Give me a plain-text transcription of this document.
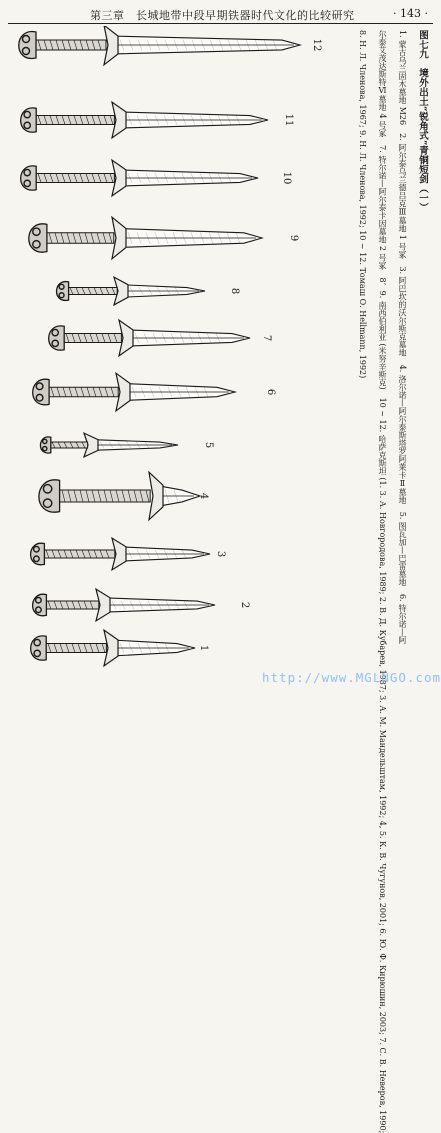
第三章　长城地带中段早期铁器时代文化的比较研究	· 143 ·
12
11
10
9
8
7
6
5
4
3
2
1
图七九　境外出土“锐角式”青铜短剑（一）
1. 蒙古乌兰固木墓地 M26　2. 阿尔泰乌兰德吕克Ⅲ墓地 1 号冢　3. 阿巴坎的沃尔斯克墓地　4. 洛尔诺—阿尔泰斯塔罗阿莱卡Ⅱ墓地　5. 图瓦加—巴雷墓地　6. 特尔诺—阿
尔泰艾茂达斯特Ⅵ墓地 4 号冢　7. 特尔诺—阿尔泰卡因墓地 2 号冢　8、9. 南西伯利亚 (米努辛斯克)　10 ~ 12. 哈萨克斯坦 (1. 3. А. Новгородова, 1989; 2. В. Д. Кубарев, 1987; 3. А. М. Мандельштам, 1992; 4, 5. К. В. Чугунов, 2001; 6. Ю. Ф. Кирюшин, 2003; 7. С. В. Неверов, 1990;
8. Н. Л. Членова, 1967; 9. Н. Л. Членова, 1992; 10 ~ 12. Томаш О. Hellmann, 1992)
http://www.MGLNGO.com
